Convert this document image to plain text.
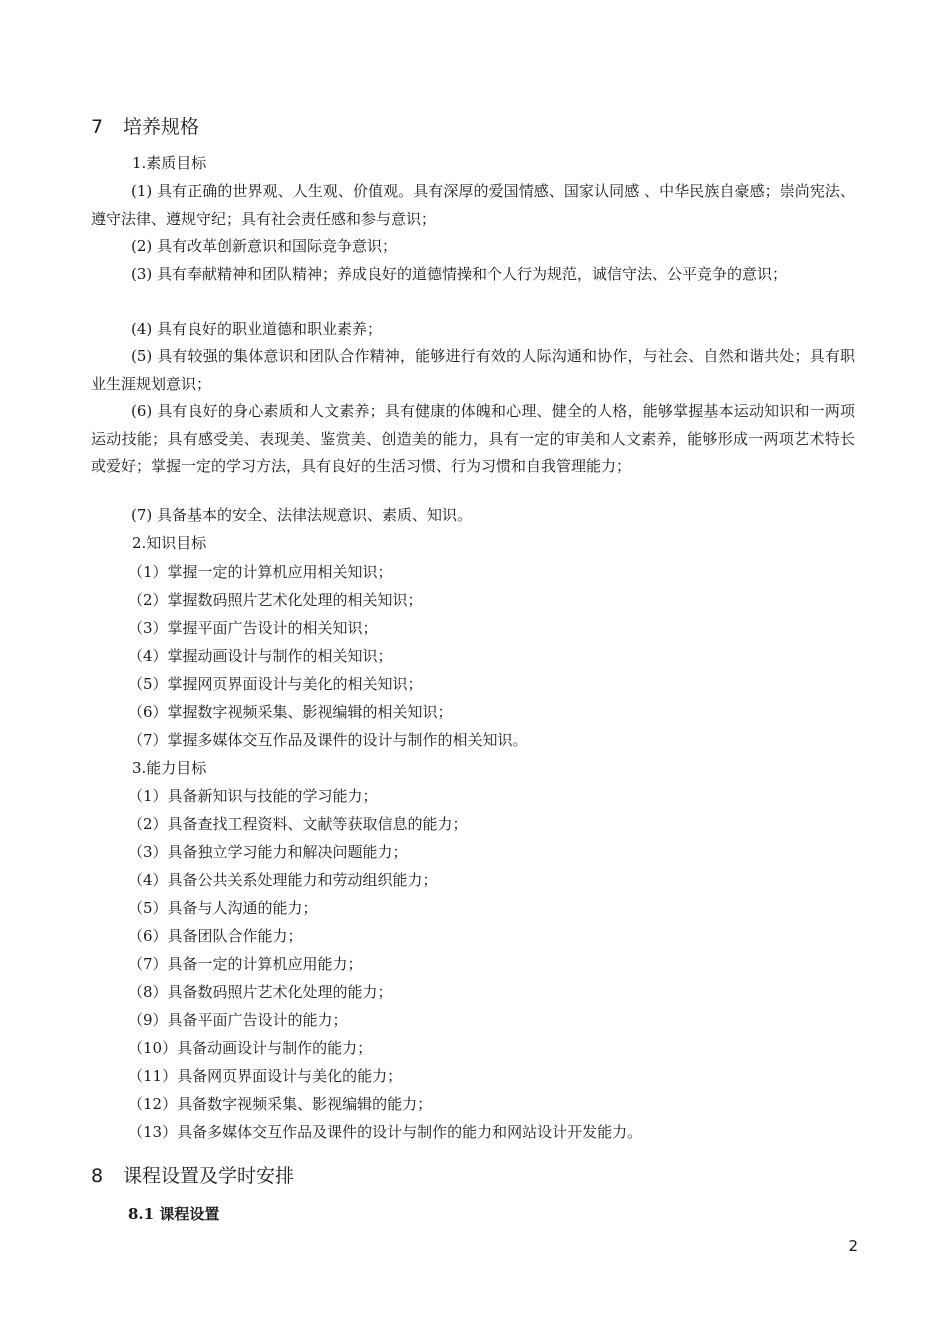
7 培养规格
1.素质目标
(1) 具有正确的世界观、人生观、价值观。具有深厚的爱国情感、国家认同感 、中华民族自豪感；崇尚宪法、遵守法律、遵规守纪；具有社会责任感和参与意识；
(2) 具有改革创新意识和国际竞争意识；
(3) 具有奉献精神和团队精神；养成良好的道德情操和个人行为规范，诚信守法、公平竞争的意识；
(4) 具有良好的职业道德和职业素养；
(5) 具有较强的集体意识和团队合作精神，能够进行有效的人际沟通和协作，与社会、自然和谐共处；具有职业生涯规划意识；
(6) 具有良好的身心素质和人文素养；具有健康的体魄和心理、健全的人格，能够掌握基本运动知识和一两项运动技能；具有感受美、表现美、鉴赏美、创造美的能力，具有一定的审美和人文素养，能够形成一两项艺术特长或爱好；掌握一定的学习方法，具有良好的生活习惯、行为习惯和自我管理能力；
(7) 具备基本的安全、法律法规意识、素质、知识。
2.知识目标
（1）掌握一定的计算机应用相关知识；
（2）掌握数码照片艺术化处理的相关知识；
（3）掌握平面广告设计的相关知识；
（4）掌握动画设计与制作的相关知识；
（5）掌握网页界面设计与美化的相关知识；
（6）掌握数字视频采集、影视编辑的相关知识；
（7）掌握多媒体交互作品及课件的设计与制作的相关知识。
3.能力目标
（1）具备新知识与技能的学习能力；
（2）具备查找工程资料、文献等获取信息的能力；
（3）具备独立学习能力和解决问题能力；
（4）具备公共关系处理能力和劳动组织能力；
（5）具备与人沟通的能力；
（6）具备团队合作能力；
（7）具备一定的计算机应用能力；
（8）具备数码照片艺术化处理的能力；
（9）具备平面广告设计的能力；
（10）具备动画设计与制作的能力；
（11）具备网页界面设计与美化的能力；
（12）具备数字视频采集、影视编辑的能力；
（13）具备多媒体交互作品及课件的设计与制作的能力和网站设计开发能力。
8 课程设置及学时安排
8.1 课程设置
2
